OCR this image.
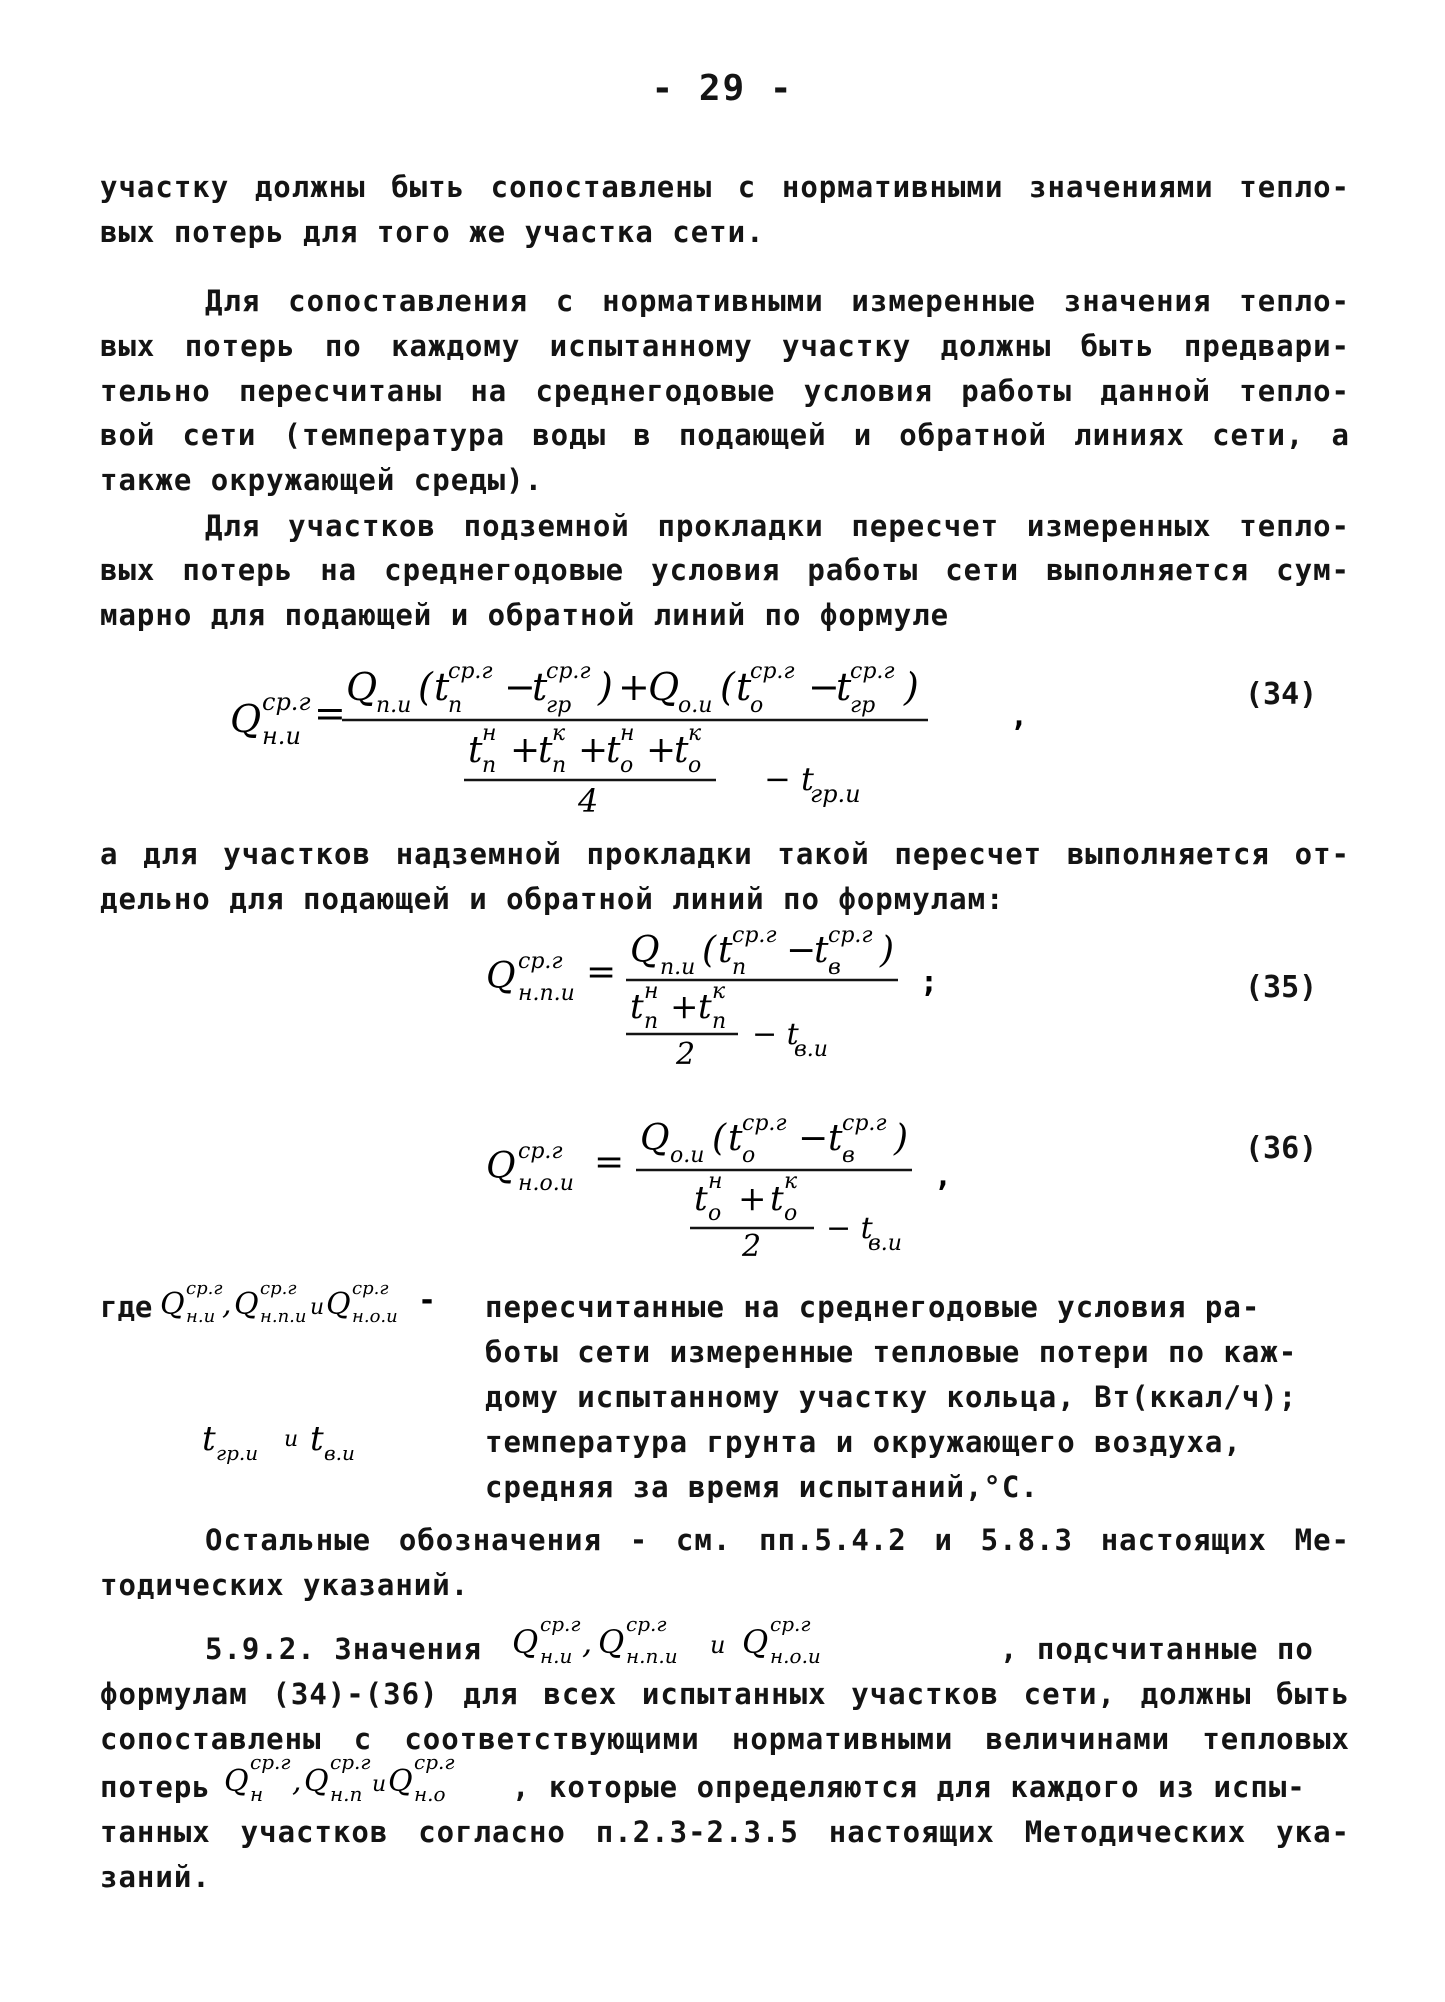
- 29 -
участку должны быть сопоставлены с нормативными значениями тепло-
вых потерь для того же участка сети.
Для сопоставления с нормативными измеренные значения тепло-
вых потерь по каждому испытанному участку должны быть предвари-
тельно пересчитаны на среднегодовые условия работы данной тепло-
вой сети (температура воды в подающей и обратной линиях сети, а
также окружающей среды).
Для участков подземной прокладки пересчет измеренных тепло-
вых потерь на среднегодовые условия работы сети выполняется сум-
марно для подающей и обратной линий по формуле
Q ср.г
н.и
=
Q
п.и ( t
ср.г
п −
t
ср.г
гр ) +
Q
о.и ( t
ср.г
о −
t
ср.г
гр )
t н
п +
t к
п +
t н
о +
t к
о
4
− t
гр.и
,
(34)
а для участков надземной прокладки такой пересчет выполняется от-
дельно для подающей и обратной линий по формулам:
Q ср.г
н.п.и
=
Q п.и ( t ср.г
п −
t ср.г
в )
t н
п + t к
п
2
− t
в.и
;	(35)
Q ср.г
н.о.и
=
Q о.и ( t ср.г
о − t ср.г
в )
t н
о + t к
о
2
− t
в.и
,
(36)
где Q ср.г
н.и , Q ср.г
н.п.и и Q ср.г
н.о.и - пересчитанные на среднегодовые условия ра-
боты сети измеренные тепловые потери по каж-
дому испытанному участку кольца, Вт(ккал/ч);
t гр.и
и t в.и	температура грунта и окружающего воздуха,
средняя за время испытаний,°С.
Остальные обозначения - см. пп.5.4.2 и 5.8.3 настоящих Ме-
тодических указаний.
5.9.2. Значения Q ср.г
н.и , Q ср.г
н.п.и и Q ср.г
н.о.и	, подсчитанные по
формулам (34)-(36) для всех испытанных участков сети, должны быть
сопоставлены с соответствующими нормативными величинами тепловых
потерь Q
ср.г
н , Q
ср.г
н.п и Q
ср.г
н.о , которые определяются для каждого из испы-
танных участков согласно п.2.3-2.3.5 настоящих Методических ука-
заний.
